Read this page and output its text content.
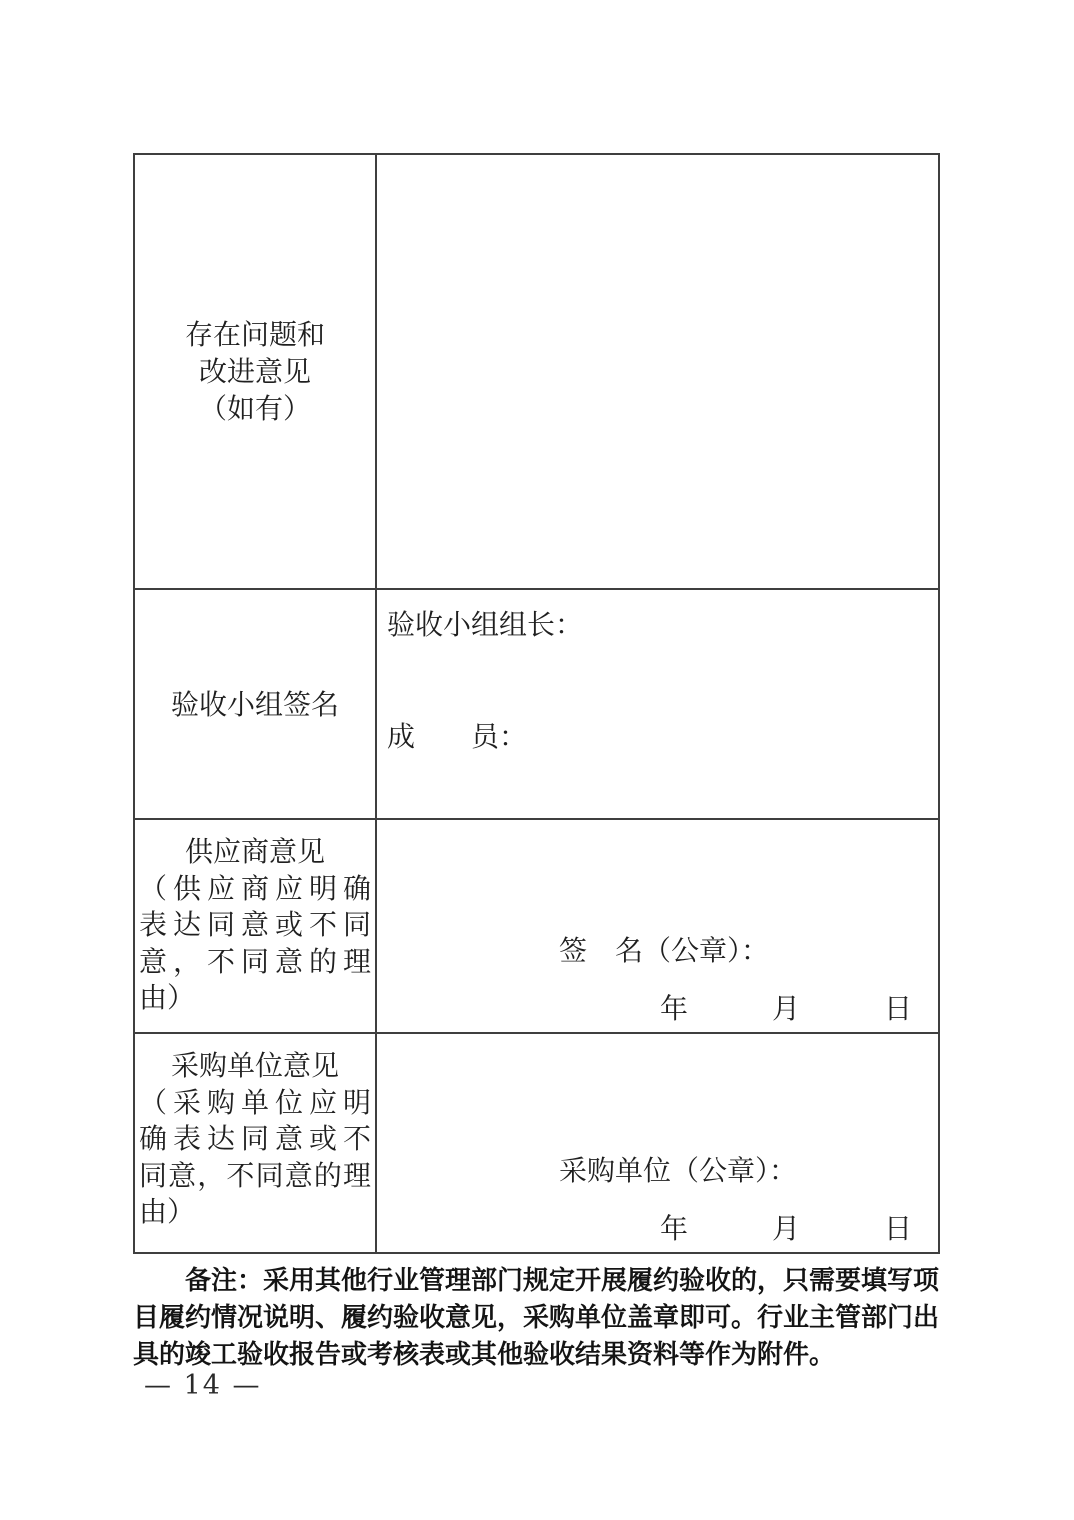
存在问题和
改进意见
（如有）
验收小组签名
验收小组组长：
成　　员：
供应商意见
（供应商应明确
表达同意或不同
意，不同意的理
由）
签　名（公章）：
年　　　月　　　日
采购单位意见
（采购单位应明
确表达同意或不
同意，不同意的理
由）
采购单位（公章）：
年　　　月　　　日
备注：采用其他行业管理部门规定开展履约验收的，只需要填写项
目履约情况说明、履约验收意见，采购单位盖章即可。行业主管部门出
具的竣工验收报告或考核表或其他验收结果资料等作为附件。
— 14 —
